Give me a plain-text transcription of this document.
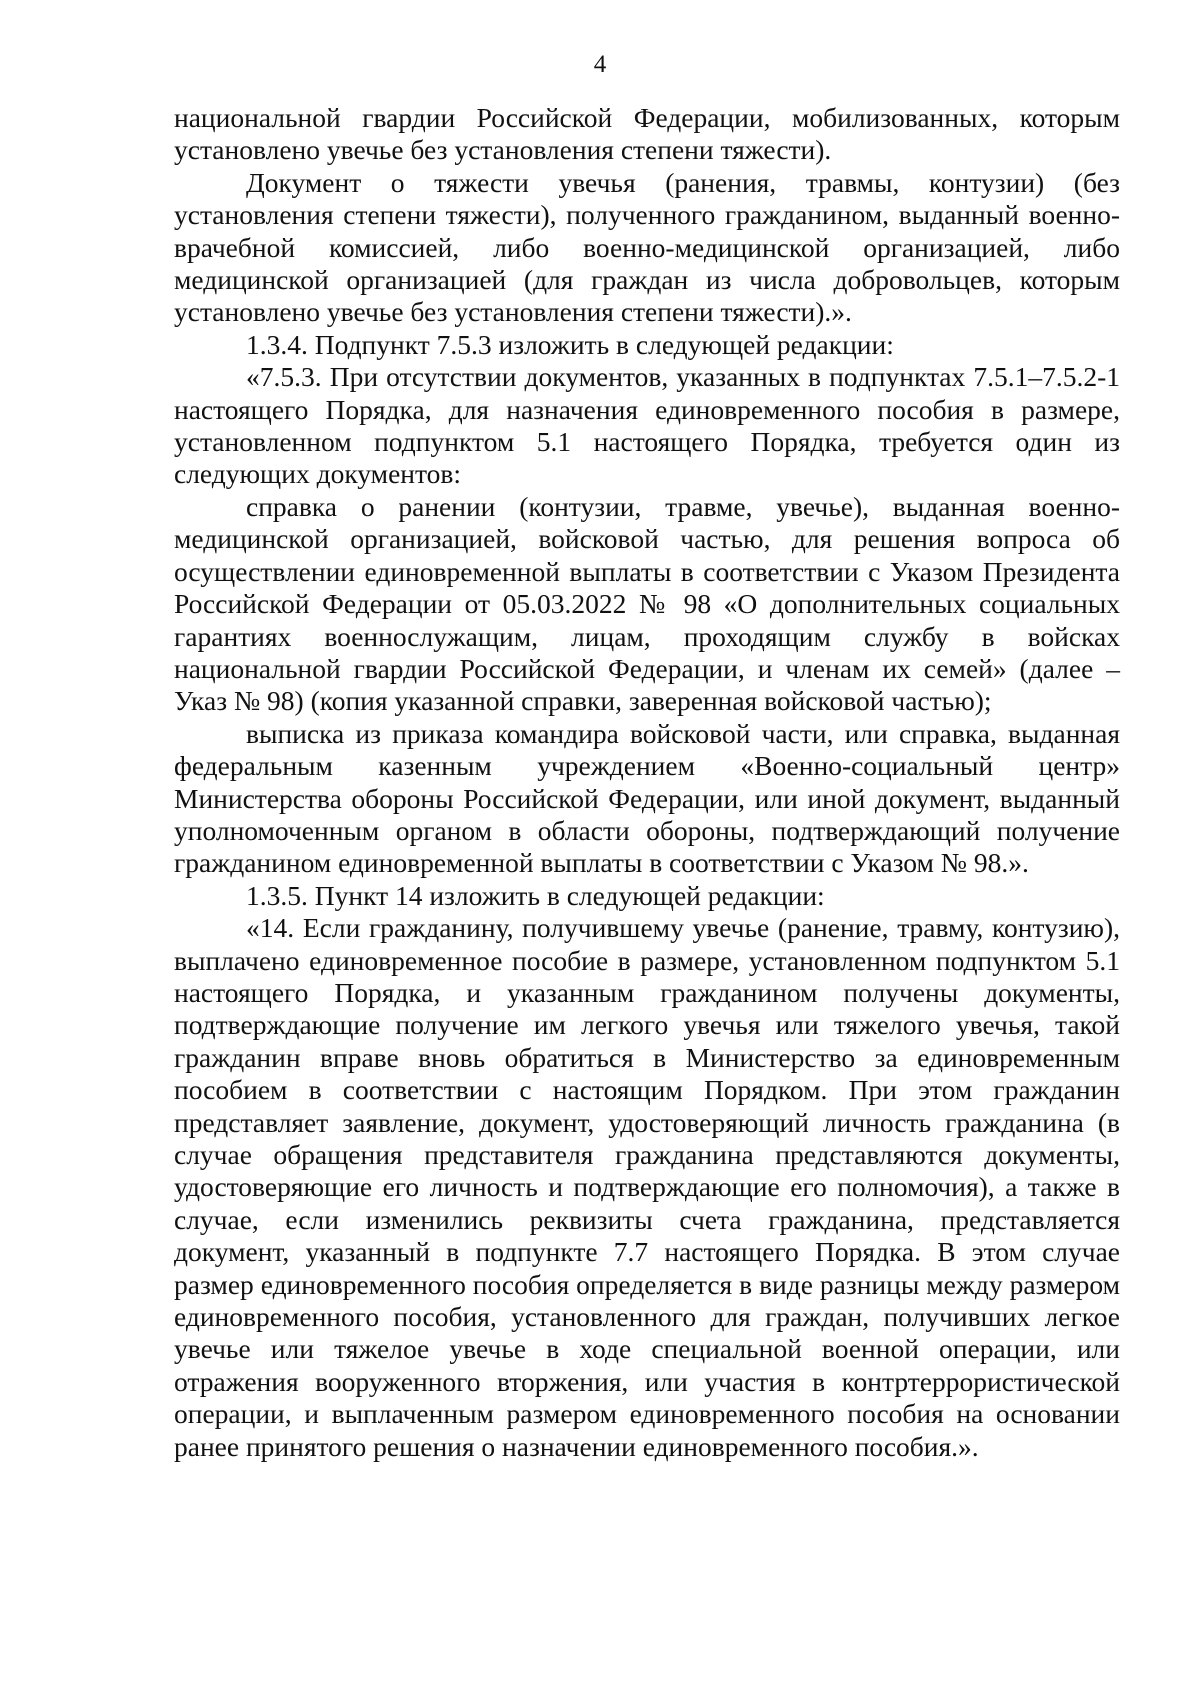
4

национальной гвардии Российской Федерации, мобилизованных, которым установлено увечье без установления степени тяжести).

Документ о тяжести увечья (ранения, травмы, контузии) (без установления степени тяжести), полученного гражданином, выданный военно-врачебной комиссией, либо военно-медицинской организацией, либо медицинской организацией (для граждан из числа добровольцев, которым установлено увечье без установления степени тяжести).».

1.3.4. Подпункт 7.5.3 изложить в следующей редакции:

«7.5.3. При отсутствии документов, указанных в подпунктах 7.5.1–7.5.2-1 настоящего Порядка, для назначения единовременного пособия в размере, установленном подпунктом 5.1 настоящего Порядка, требуется один из следующих документов:

справка о ранении (контузии, травме, увечье), выданная военно-медицинской организацией, войсковой частью, для решения вопроса об осуществлении единовременной выплаты в соответствии с Указом Президента Российской Федерации от 05.03.2022 № 98 «О дополнительных социальных гарантиях военнослужащим, лицам, проходящим службу в войсках национальной гвардии Российской Федерации, и членам их семей» (далее – Указ № 98) (копия указанной справки, заверенная войсковой частью);

выписка из приказа командира войсковой части, или справка, выданная федеральным казенным учреждением «Военно-социальный центр» Министерства обороны Российской Федерации, или иной документ, выданный уполномоченным органом в области обороны, подтверждающий получение гражданином единовременной выплаты в соответствии с Указом № 98.».

1.3.5. Пункт 14 изложить в следующей редакции:

«14. Если гражданину, получившему увечье (ранение, травму, контузию), выплачено единовременное пособие в размере, установленном подпунктом 5.1 настоящего Порядка, и указанным гражданином получены документы, подтверждающие получение им легкого увечья или тяжелого увечья, такой гражданин вправе вновь обратиться в Министерство за единовременным пособием в соответствии с настоящим Порядком. При этом гражданин представляет заявление, документ, удостоверяющий личность гражданина (в случае обращения представителя гражданина представляются документы, удостоверяющие его личность и подтверждающие его полномочия), а также в случае, если изменились реквизиты счета гражданина, представляется документ, указанный в подпункте 7.7 настоящего Порядка. В этом случае размер единовременного пособия определяется в виде разницы между размером единовременного пособия, установленного для граждан, получивших легкое увечье или тяжелое увечье в ходе специальной военной операции, или отражения вооруженного вторжения, или участия в контртеррористической операции, и выплаченным размером единовременного пособия на основании ранее принятого решения о назначении единовременного пособия.».
